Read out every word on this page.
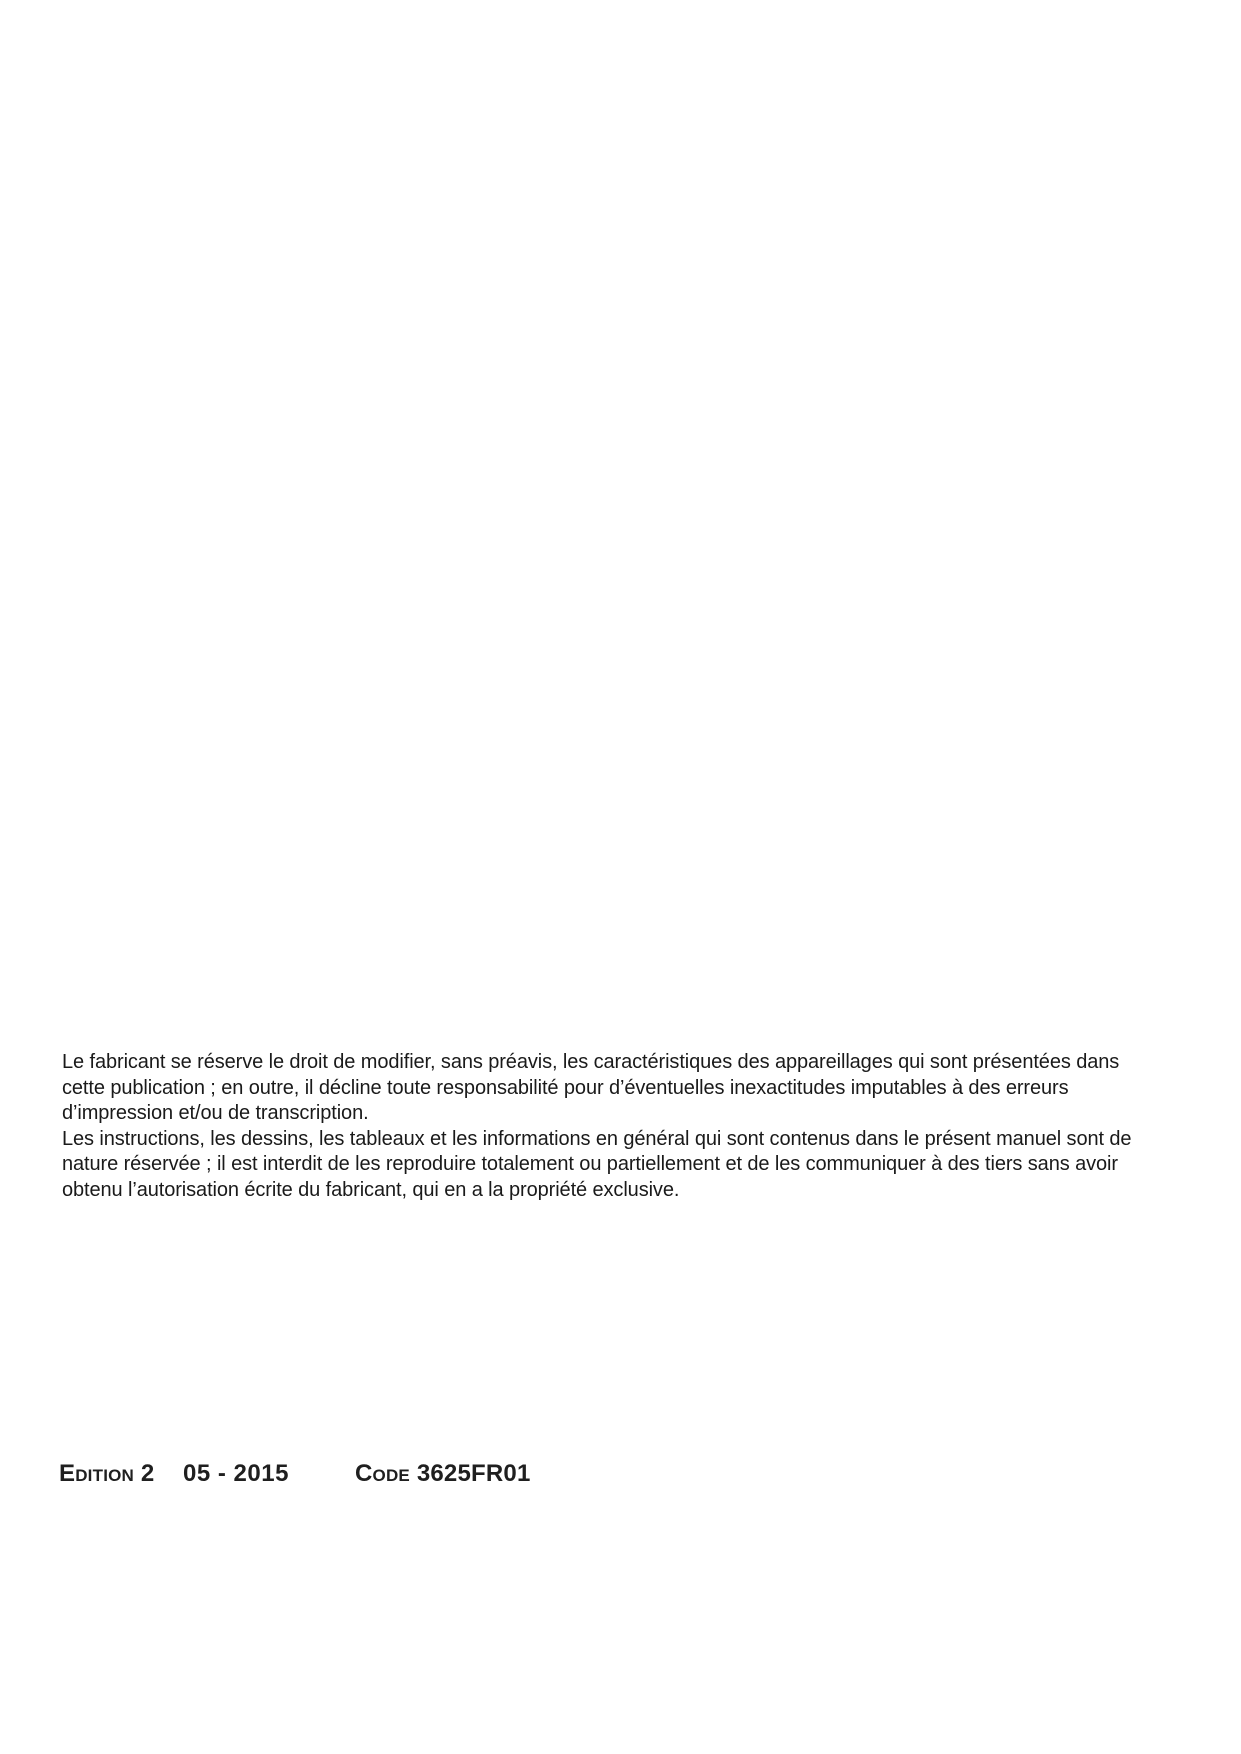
Le fabricant se réserve le droit de modifier, sans préavis, les caractéristiques des appareillages qui sont présentées dans cette publication ; en outre, il décline toute responsabilité pour d’éventuelles inexactitudes imputables à des erreurs d’impression et/ou de transcription.

Les instructions, les dessins, les tableaux et les informations en général qui sont contenus dans le présent manuel sont de nature réservée ; il est interdit de les reproduire totalement ou partiellement et de les communiquer à des tiers sans avoir obtenu l’autorisation écrite du fabricant, qui en a la propriété exclusive.

Edition 2 05 - 2015	Code 3625FR01
